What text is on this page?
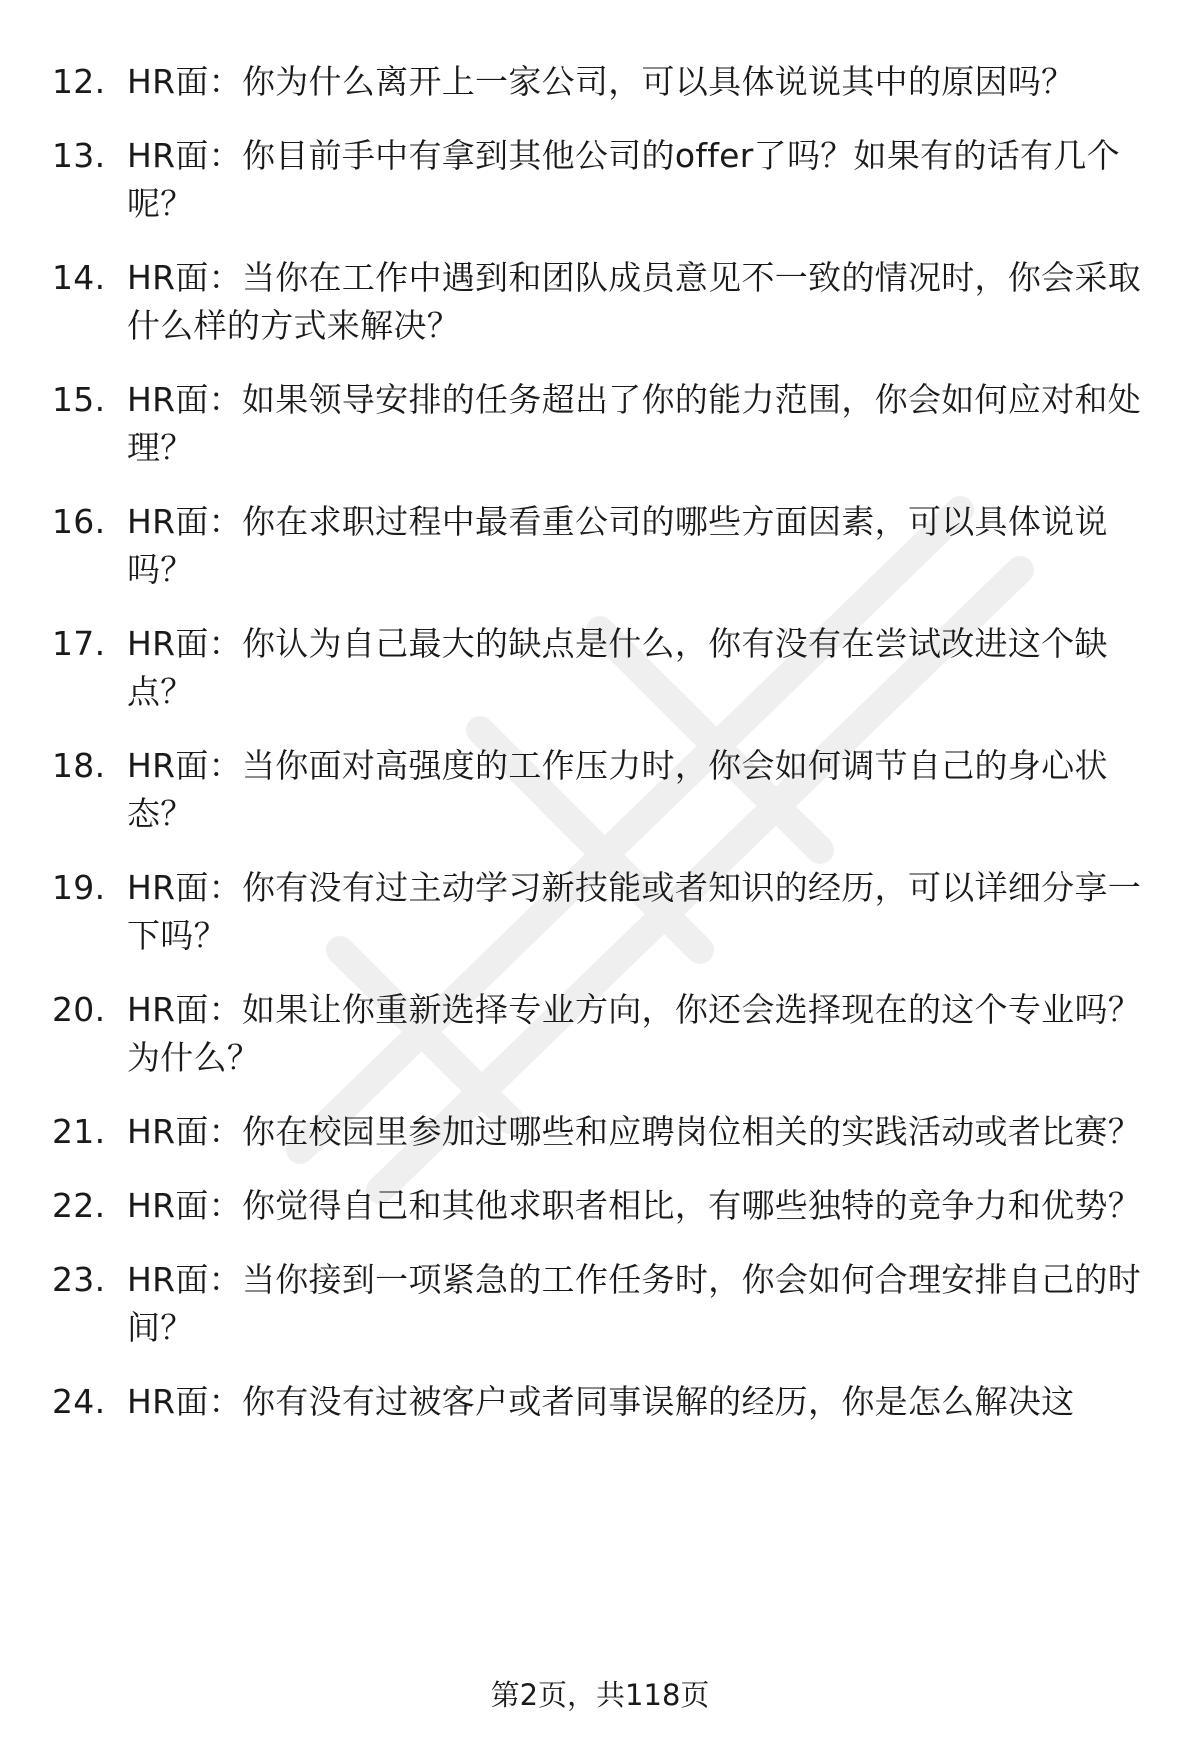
12. HR面：你为什么离开上一家公司，可以具体说说其中的原因吗？
13. HR面：你目前手中有拿到其他公司的offer了吗？如果有的话有几个呢？
14. HR面：当你在工作中遇到和团队成员意见不一致的情况时，你会采取什么样的方式来解决？
15. HR面：如果领导安排的任务超出了你的能力范围，你会如何应对和处理？
16. HR面：你在求职过程中最看重公司的哪些方面因素，可以具体说说吗？
17. HR面：你认为自己最大的缺点是什么，你有没有在尝试改进这个缺点？
18. HR面：当你面对高强度的工作压力时，你会如何调节自己的身心状态？
19. HR面：你有没有过主动学习新技能或者知识的经历，可以详细分享一下吗？
20. HR面：如果让你重新选择专业方向，你还会选择现在的这个专业吗？为什么？
21. HR面：你在校园里参加过哪些和应聘岗位相关的实践活动或者比赛？
22. HR面：你觉得自己和其他求职者相比，有哪些独特的竞争力和优势？
23. HR面：当你接到一项紧急的工作任务时，你会如何合理安排自己的时间？
24. HR面：你有没有过被客户或者同事误解的经历，你是怎么解决这
第2页，共118页
